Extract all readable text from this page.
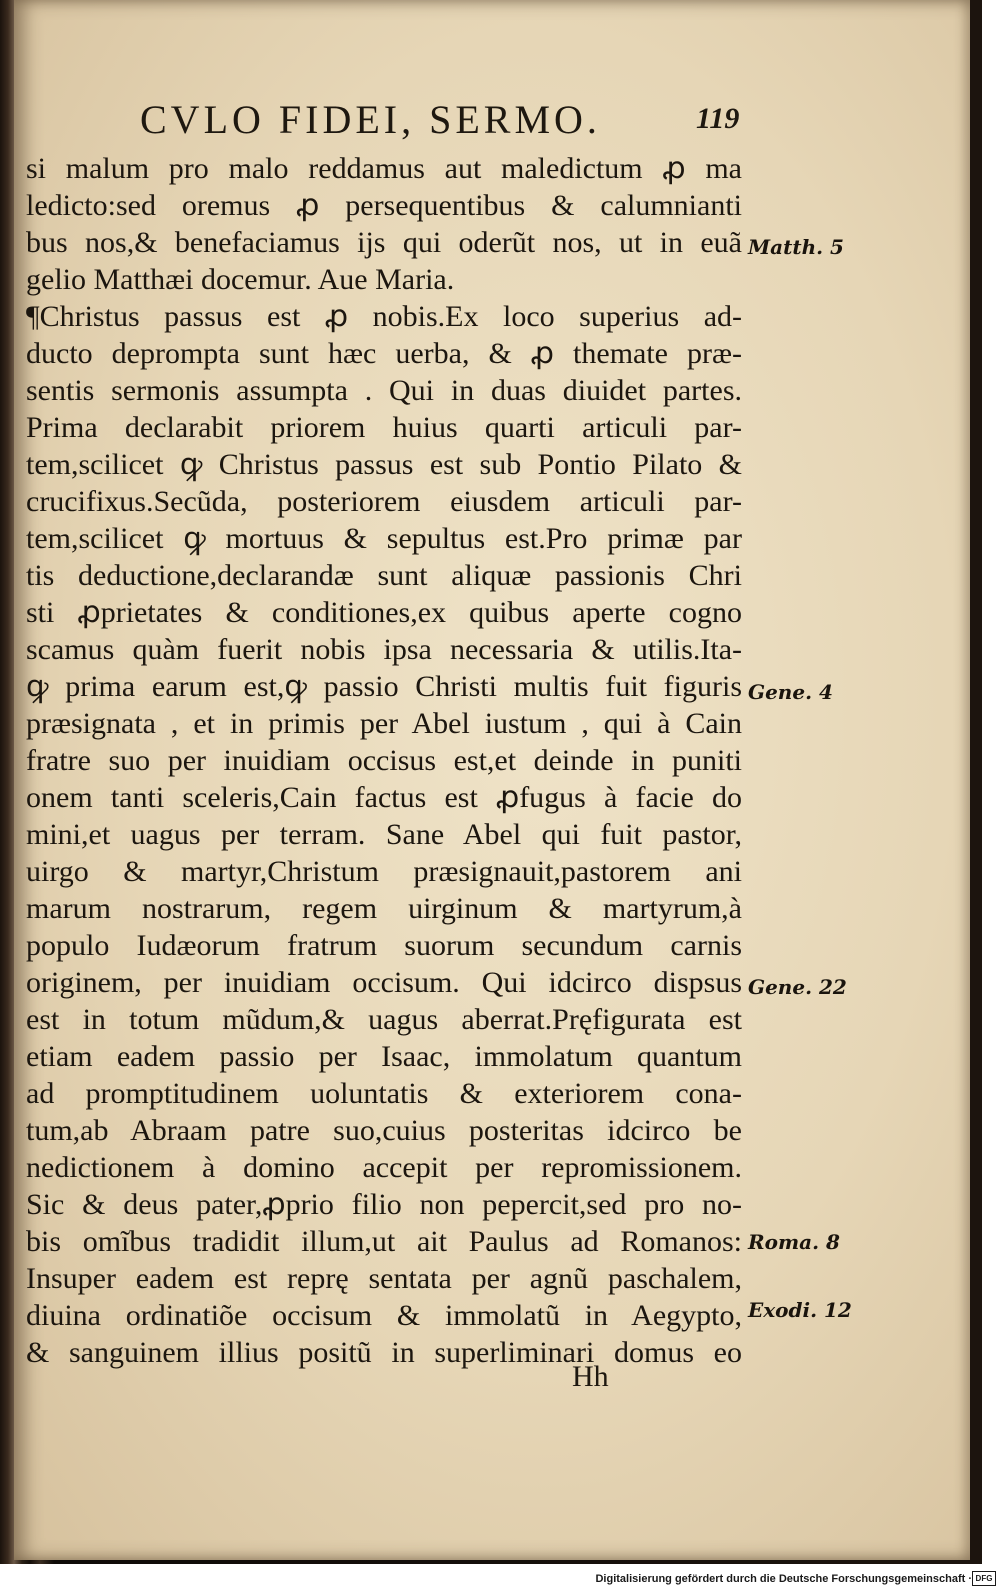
CVLO FIDEI, SERMO.	119
si malum pro malo reddamus aut maledictum ꝓ ma
ledicto:sed oremus ꝓ persequentibus & calumnianti
bus nos,& benefaciamus ijs qui oderũt nos, ut in euã
gelio Matthæi docemur. Aue Maria.
¶Christus passus est ꝓ nobis.Ex loco superius ad-
ducto deprompta sunt hæc uerba, & ꝓ themate præ-
sentis sermonis assumpta . Qui in duas diuidet partes.
Prima declarabit priorem huius quarti articuli par-
tem,scilicet ꝙ Christus passus est sub Pontio Pilato &
crucifixus.Secũda, posteriorem eiusdem articuli par-
tem,scilicet ꝙ mortuus & sepultus est.Pro primæ par
tis deductione,declarandæ sunt aliquæ passionis Chri
sti ꝓprietates & conditiones,ex quibus aperte cogno
scamus quàm fuerit nobis ipsa necessaria & utilis.Ita-
ꝙ prima earum est,ꝙ passio Christi multis fuit figuris
præsignata , et in primis per Abel iustum , qui à Cain
fratre suo per inuidiam occisus est,et deinde in puniti
onem tanti sceleris,Cain factus est ꝓfugus à facie do
mini,et uagus per terram. Sane Abel qui fuit pastor,
uirgo & martyr,Christum præsignauit,pastorem ani
marum nostrarum, regem uirginum & martyrum,à
populo Iudæorum fratrum suorum secundum carnis
originem, per inuidiam occisum. Qui idcirco dispsus
est in totum mũdum,& uagus aberrat.Pręfigurata est
etiam eadem passio per Isaac, immolatum quantum
ad promptitudinem uoluntatis & exteriorem cona-
tum,ab Abraam patre suo,cuius posteritas idcirco be
nedictionem à domino accepit per repromissionem.
Sic & deus pater,ꝓprio filio non pepercit,sed pro no-
bis omĩbus tradidit illum,ut ait Paulus ad Romanos:
Insuper eadem est reprę sentata per agnũ paschalem,
diuina ordinatiõe occisum & immolatũ in Aegypto,
& sanguinem illius positũ in superliminari domus eo
Matth. 5
Gene. 4
Gene. 22
Roma. 8
Exodi. 12
Hh
Digitalisierung gefördert durch die Deutsche Forschungsgemeinschaft · DFG
